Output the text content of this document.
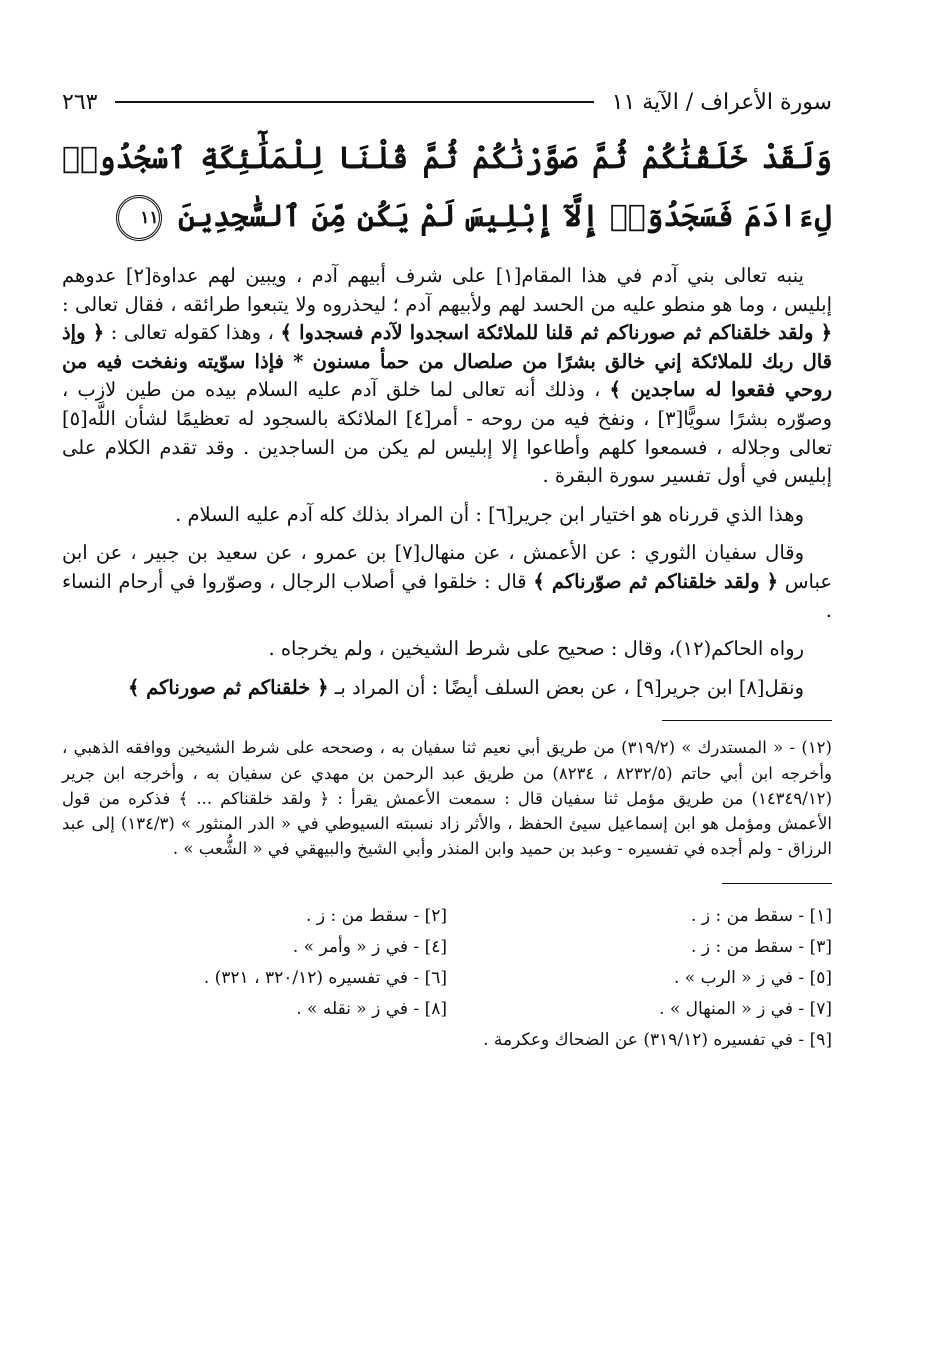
سورة الأعراف / الآية ١١
٢٦٣
وَلَقَدْ خَلَقْنَٰكُمْ ثُمَّ صَوَّرْنَٰكُمْ ثُمَّ قُلْنَا لِلْمَلَٰٓئِكَةِ ٱسْجُدُوا۟ لِءَادَمَ فَسَجَدُوٓا۟ إِلَّآ إِبْلِيسَ لَمْ يَكُن مِّنَ ٱلسَّٰجِدِينَ ١١

ينبه تعالى بني آدم في هذا المقام[١] على شرف أبيهم آدم ، ويبين لهم عداوة[٢] عدوهم إبليس ، وما هو منطو عليه من الحسد لهم ولأبيهم آدم ؛ ليحذروه ولا يتبعوا طرائقه ، فقال تعالى : ﴿ ولقد خلقناكم ثم صورناكم ثم قلنا للملائكة اسجدوا لآدم فسجدوا ﴾ ، وهذا كقوله تعالى : ﴿ وإذ قال ربك للملائكة إني خالق بشرًا من صلصال من حمأ مسنون * فإذا سوّيته ونفخت فيه من روحي فقعوا له ساجدين ﴾ ، وذلك أنه تعالى لما خلق آدم عليه السلام بيده من طين لازب ، وصوّره بشرًا سويًّا[٣] ، ونفخ فيه من روحه - أمر[٤] الملائكة بالسجود له تعظيمًا لشأن اللَّه[٥] تعالى وجلاله ، فسمعوا كلهم وأطاعوا إلا إبليس لم يكن من الساجدين . وقد تقدم الكلام على إبليس في أول تفسير سورة البقرة .

وهذا الذي قررناه هو اختيار ابن جرير[٦] : أن المراد بذلك كله آدم عليه السلام .

وقال سفيان الثوري : عن الأعمش ، عن منهال[٧] بن عمرو ، عن سعيد بن جبير ، عن ابن عباس ﴿ ولقد خلقناكم ثم صوّرناكم ﴾ قال : خلقوا في أصلاب الرجال ، وصوّروا في أرحام النساء .

رواه الحاكم(١٢)، وقال : صحيح على شرط الشيخين ، ولم يخرجاه .

ونقل[٨] ابن جرير[٩] ، عن بعض السلف أيضًا : أن المراد بـ ﴿ خلقناكم ثم صورناكم ﴾

(١٢) - « المستدرك » (٣١٩/٢) من طريق أبي نعيم ثنا سفيان به ، وصححه على شرط الشيخين ووافقه الذهبي ، وأخرجه ابن أبي حاتم (٨٢٣٢/٥ ، ٨٢٣٤) من طريق عبد الرحمن بن مهدي عن سفيان به ، وأخرجه ابن جرير (١٤٣٤٩/١٢) من طريق مؤمل ثنا سفيان قال : سمعت الأعمش يقرأ : ﴿ ولقد خلقناكم ... ﴾ فذكره من قول الأعمش ومؤمل هو ابن إسماعيل سيئ الحفظ ، والأثر زاد نسبته السيوطي في « الدر المنثور » (١٣٤/٣) إلى عبد الرزاق - ولم أجده في تفسيره - وعبد بن حميد وابن المنذر وأبي الشيخ والبيهقي في « الشُّعب » .
[١] - سقط من : ز .
[٢] - سقط من : ز .
[٣] - سقط من : ز .
[٤] - في ز « وأمر » .
[٥] - في ز « الرب » .
[٦] - في تفسيره (٣٢٠/١٢ ، ٣٢١) .
[٧] - في ز « المنهال » .
[٨] - في ز « نقله » .
[٩] - في تفسيره (٣١٩/١٢) عن الضحاك وعكرمة .
